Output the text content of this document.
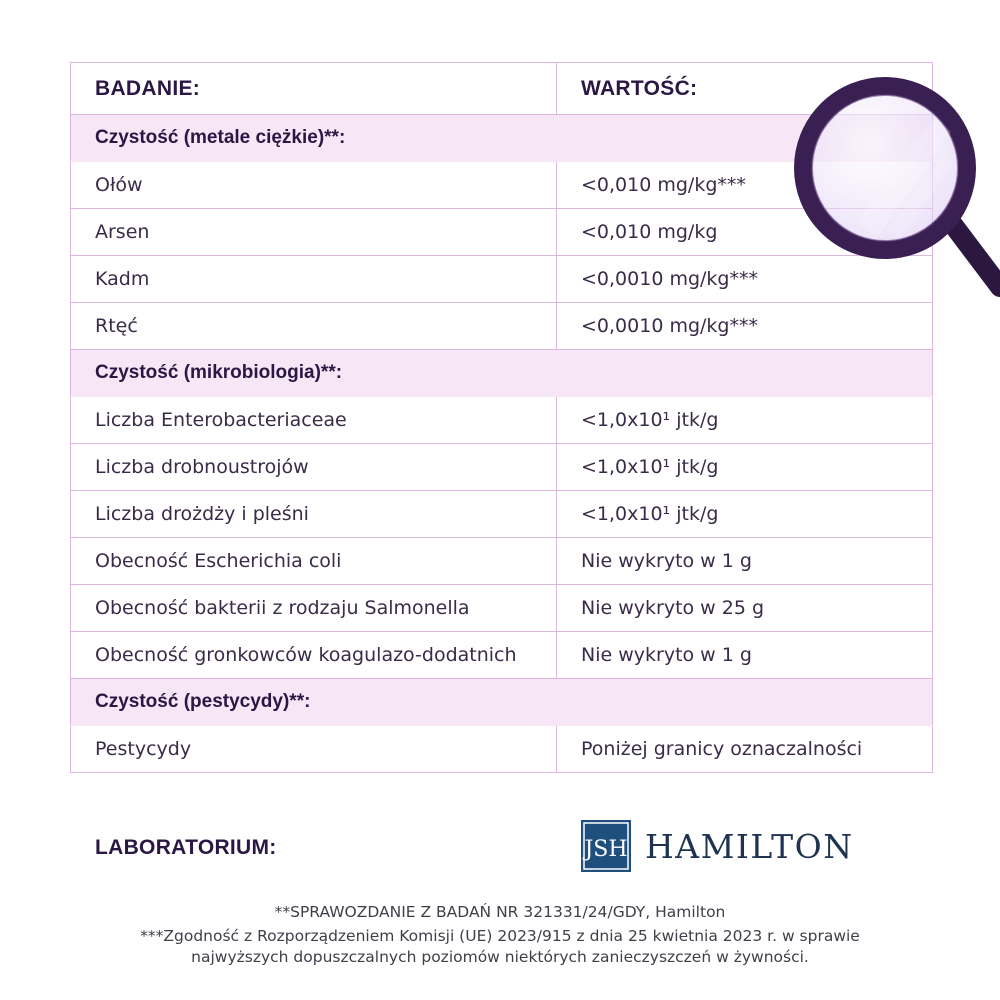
BADANIE:	WARTOŚĆ:
Czystość (metale ciężkie)**:	
Ołów	<0,010 mg/kg***
Arsen	<0,010 mg/kg
Kadm	<0,0010 mg/kg***
Rtęć	<0,0010 mg/kg***
Czystość (mikrobiologia)**:	
Liczba Enterobacteriaceae	<1,0x10¹ jtk/g
Liczba drobnoustrojów	<1,0x10¹ jtk/g
Liczba drożdży i pleśni	<1,0x10¹ jtk/g
Obecność Escherichia coli	Nie wykryto w 1 g
Obecność bakterii z rodzaju Salmonella	Nie wykryto w 25 g
Obecność gronkowców koagulazo-dodatnich	Nie wykryto w 1 g
Czystość (pestycydy)**:	
Pestycydy	Poniżej granicy oznaczalności
LABORATORIUM:	JSH HAMILTON

**SPRAWOZDANIE Z BADAŃ NR 321331/24/GDY, Hamilton

***Zgodność z Rozporządzeniem Komisji (UE) 2023/915 z dnia 25 kwietnia 2023 r. w sprawie najwyższych dopuszczalnych poziomów niektórych zanieczyszczeń w żywności.
